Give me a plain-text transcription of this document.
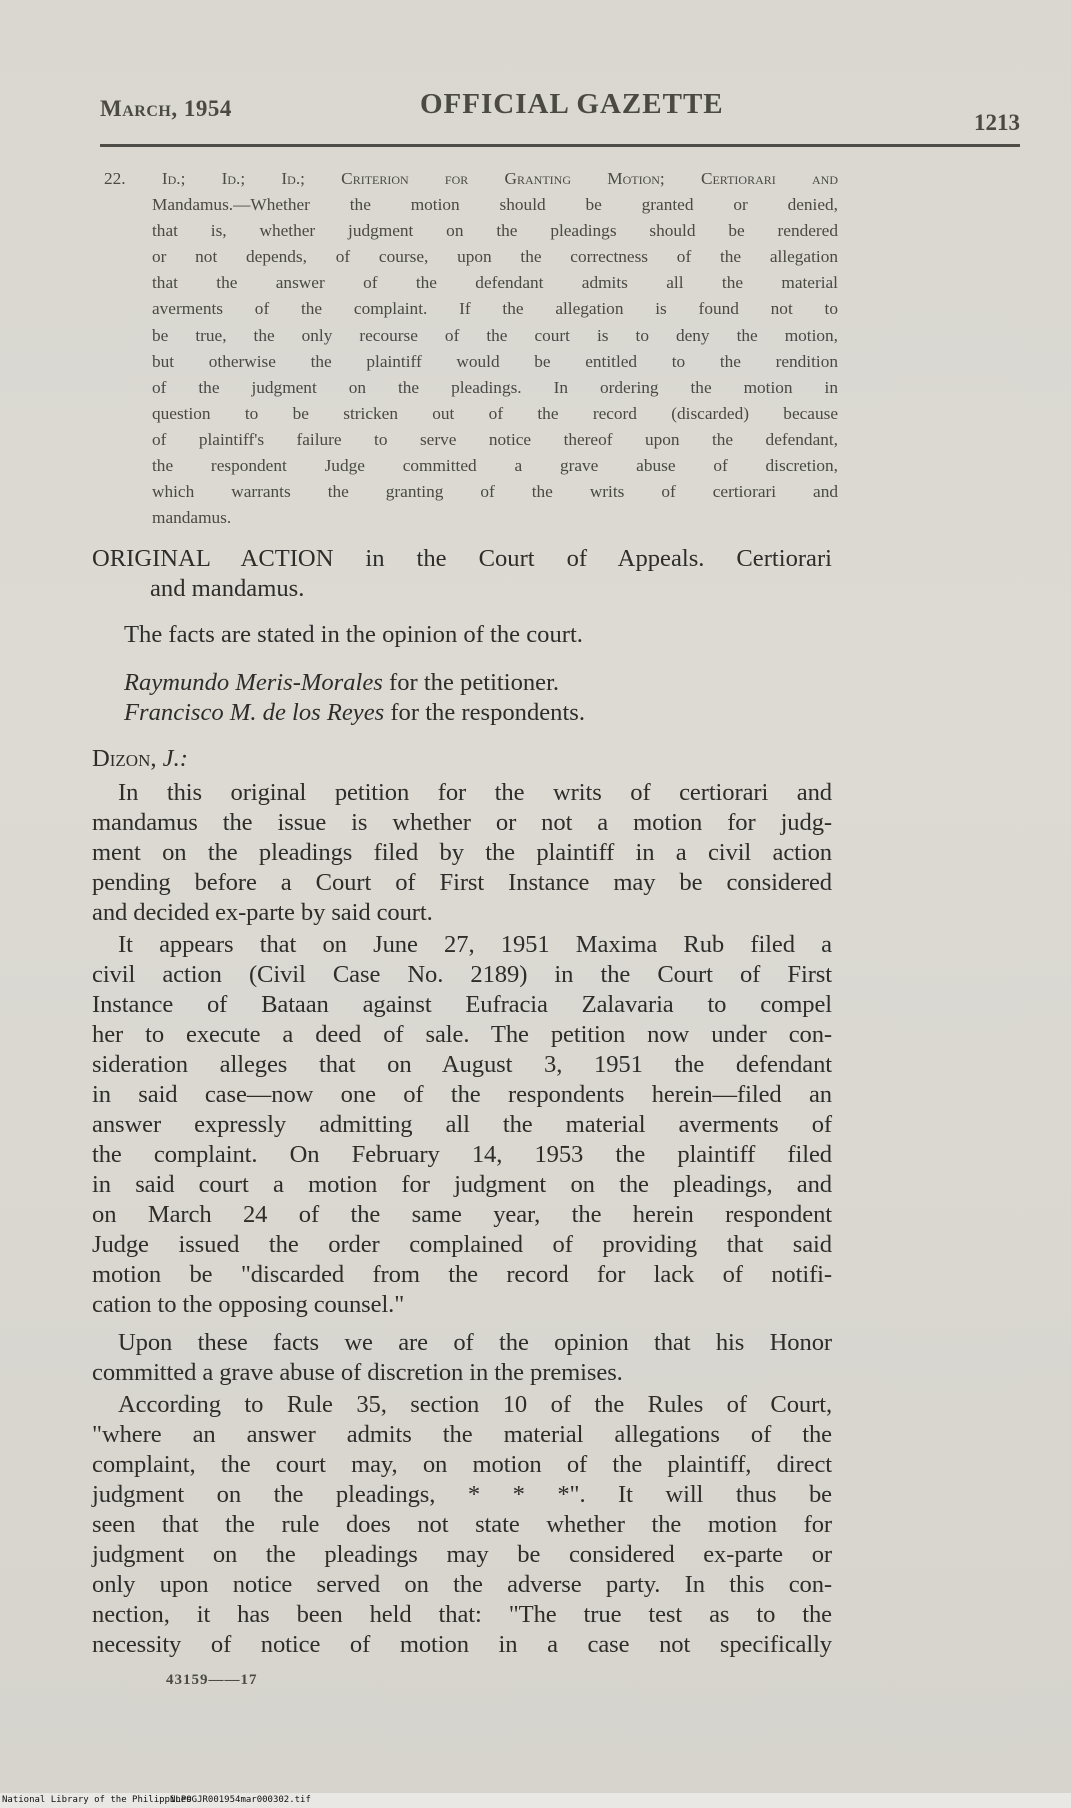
March, 1954	OFFICIAL GAZETTE
1213
22. Id.; Id.; Id.; Criterion for Granting Motion; Certiorari and
Mandamus.—Whether the motion should be granted or denied,
that is, whether judgment on the pleadings should be rendered
or not depends, of course, upon the correctness of the allegation
that the answer of the defendant admits all the material
averments of the complaint. If the allegation is found not to
be true, the only recourse of the court is to deny the motion,
but otherwise the plaintiff would be entitled to the rendition
of the judgment on the pleadings. In ordering the motion in
question to be stricken out of the record (discarded) because
of plaintiff's failure to serve notice thereof upon the defendant,
the respondent Judge committed a grave abuse of discretion,
which warrants the granting of the writs of certiorari and
mandamus.
ORIGINAL ACTION in the Court of Appeals. Certiorari
and mandamus.
The facts are stated in the opinion of the court.
Raymundo Meris-Morales for the petitioner.
Francisco M. de los Reyes for the respondents.
Dizon, J.:
In this original petition for the writs of certiorari and
mandamus the issue is whether or not a motion for judg-
ment on the pleadings filed by the plaintiff in a civil action
pending before a Court of First Instance may be considered
and decided ex-parte by said court.
It appears that on June 27, 1951 Maxima Rub filed a
civil action (Civil Case No. 2189) in the Court of First
Instance of Bataan against Eufracia Zalavaria to compel
her to execute a deed of sale. The petition now under con-
sideration alleges that on August 3, 1951 the defendant
in said case—now one of the respondents herein—filed an
answer expressly admitting all the material averments of
the complaint. On February 14, 1953 the plaintiff filed
in said court a motion for judgment on the pleadings, and
on March 24 of the same year, the herein respondent
Judge issued the order complained of providing that said
motion be "discarded from the record for lack of notifi-
cation to the opposing counsel."
Upon these facts we are of the opinion that his Honor
committed a grave abuse of discretion in the premises.
According to Rule 35, section 10 of the Rules of Court,
"where an answer admits the material allegations of the
complaint, the court may, on motion of the plaintiff, direct
judgment on the pleadings, * * *". It will thus be
seen that the rule does not state whether the motion for
judgment on the pleadings may be considered ex-parte or
only upon notice served on the adverse party. In this con-
nection, it has been held that: "The true test as to the
necessity of notice of motion in a case not specifically
43159——17
National Library of the Philippines
NLPOGJR001954mar000302.tif
